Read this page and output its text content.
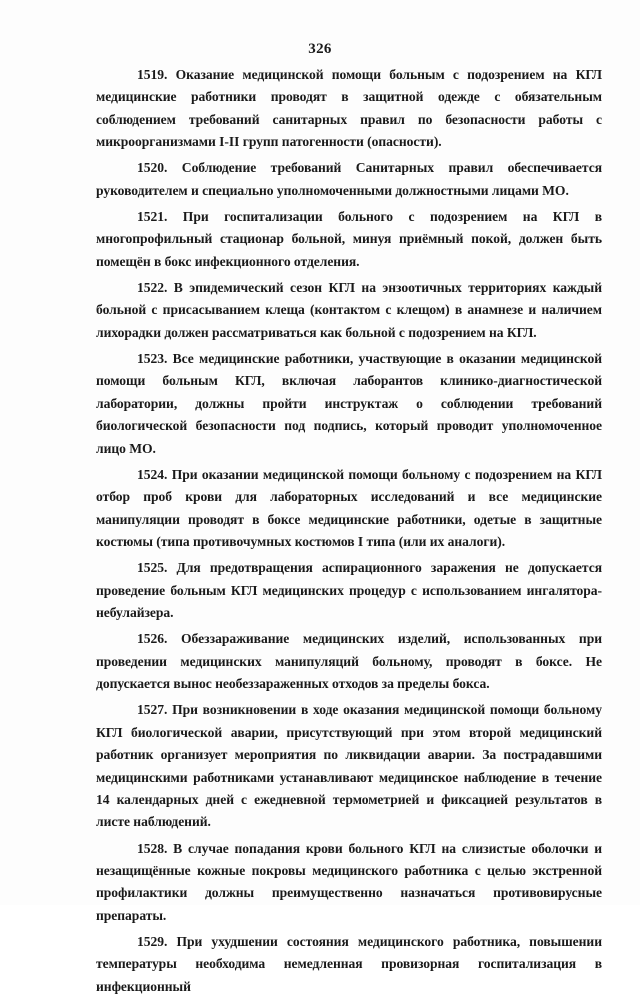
326

1519. Оказание медицинской помощи больным с подозрением на КГЛ медицинские работники проводят в защитной одежде с обязательным соблюдением требований санитарных правил по безопасности работы с микроорганизмами I-II групп патогенности (опасности).

1520. Соблюдение требований Санитарных правил обеспечивается руководителем и специально уполномоченными должностными лицами МО.

1521. При госпитализации больного с подозрением на КГЛ в многопрофильный стационар больной, минуя приёмный покой, должен быть помещён в бокс инфекционного отделения.

1522. В эпидемический сезон КГЛ на энзоотичных территориях каждый больной с присасыванием клеща (контактом с клещом) в анамнезе и наличием лихорадки должен рассматриваться как больной с подозрением на КГЛ.

1523. Все медицинские работники, участвующие в оказании медицинской помощи больным КГЛ, включая лаборантов клинико-диагностической лаборатории, должны пройти инструктаж о соблюдении требований биологической безопасности под подпись, который проводит уполномоченное лицо МО.

1524. При оказании медицинской помощи больному с подозрением на КГЛ отбор проб крови для лабораторных исследований и все медицинские манипуляции проводят в боксе медицинские работники, одетые в защитные костюмы (типа противочумных костюмов I типа (или их аналоги).

1525. Для предотвращения аспирационного заражения не допускается проведение больным КГЛ медицинских процедур с использованием ингалятора-небулайзера.

1526. Обеззараживание медицинских изделий, использованных при проведении медицинских манипуляций больному, проводят в боксе. Не допускается вынос необеззараженных отходов за пределы бокса.

1527. При возникновении в ходе оказания медицинской помощи больному КГЛ биологической аварии, присутствующий при этом второй медицинский работник организует мероприятия по ликвидации аварии. За пострадавшими медицинскими работниками устанавливают медицинское наблюдение в течение 14 календарных дней с ежедневной термометрией и фиксацией результатов в листе наблюдений.

1528. В случае попадания крови больного КГЛ на слизистые оболочки и незащищённые кожные покровы медицинского работника с целью экстренной профилактики должны преимущественно назначаться противовирусные препараты.

1529. При ухудшении состояния медицинского работника, повышении температуры необходима немедленная провизорная госпитализация в инфекционный
